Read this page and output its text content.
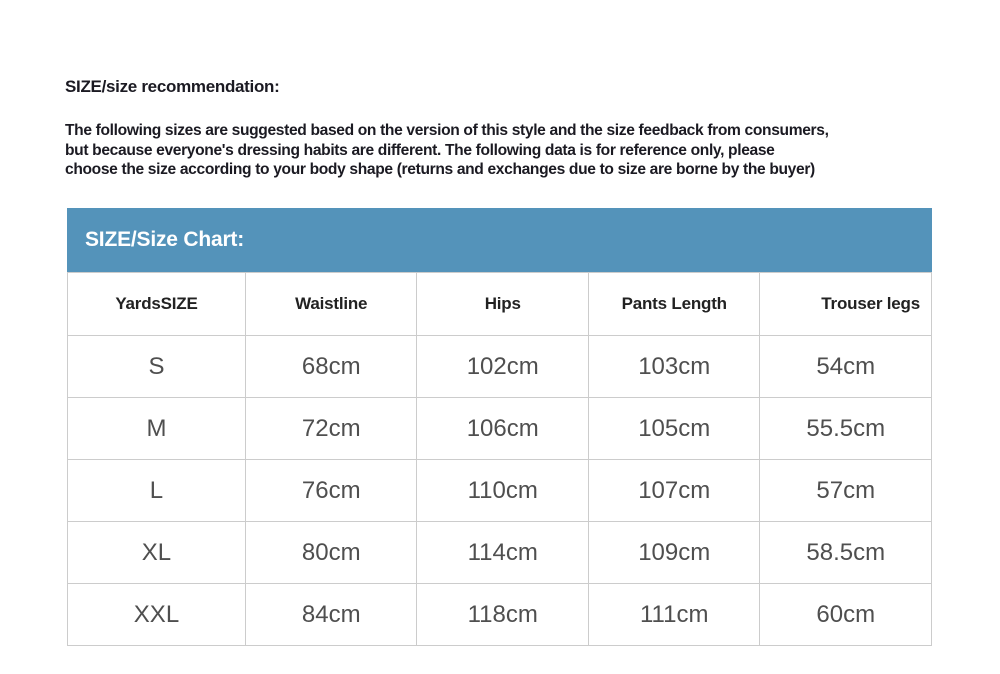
SIZE/size recommendation:
The following sizes are suggested based on the version of this style and the size feedback from consumers,
but because everyone's dressing habits are different. The following data is for reference only, please
choose the size according to your body shape (returns and exchanges due to size are borne by the buyer)
SIZE/Size Chart:
YardsSIZE	Waistline	Hips	Pants Length	Trouser legs
S	68cm	102cm	103cm	54cm
M	72cm	106cm	105cm	55.5cm
L	76cm	110cm	107cm	57cm
XL	80cm	114cm	109cm	58.5cm
XXL	84cm	118cm	111cm	60cm
